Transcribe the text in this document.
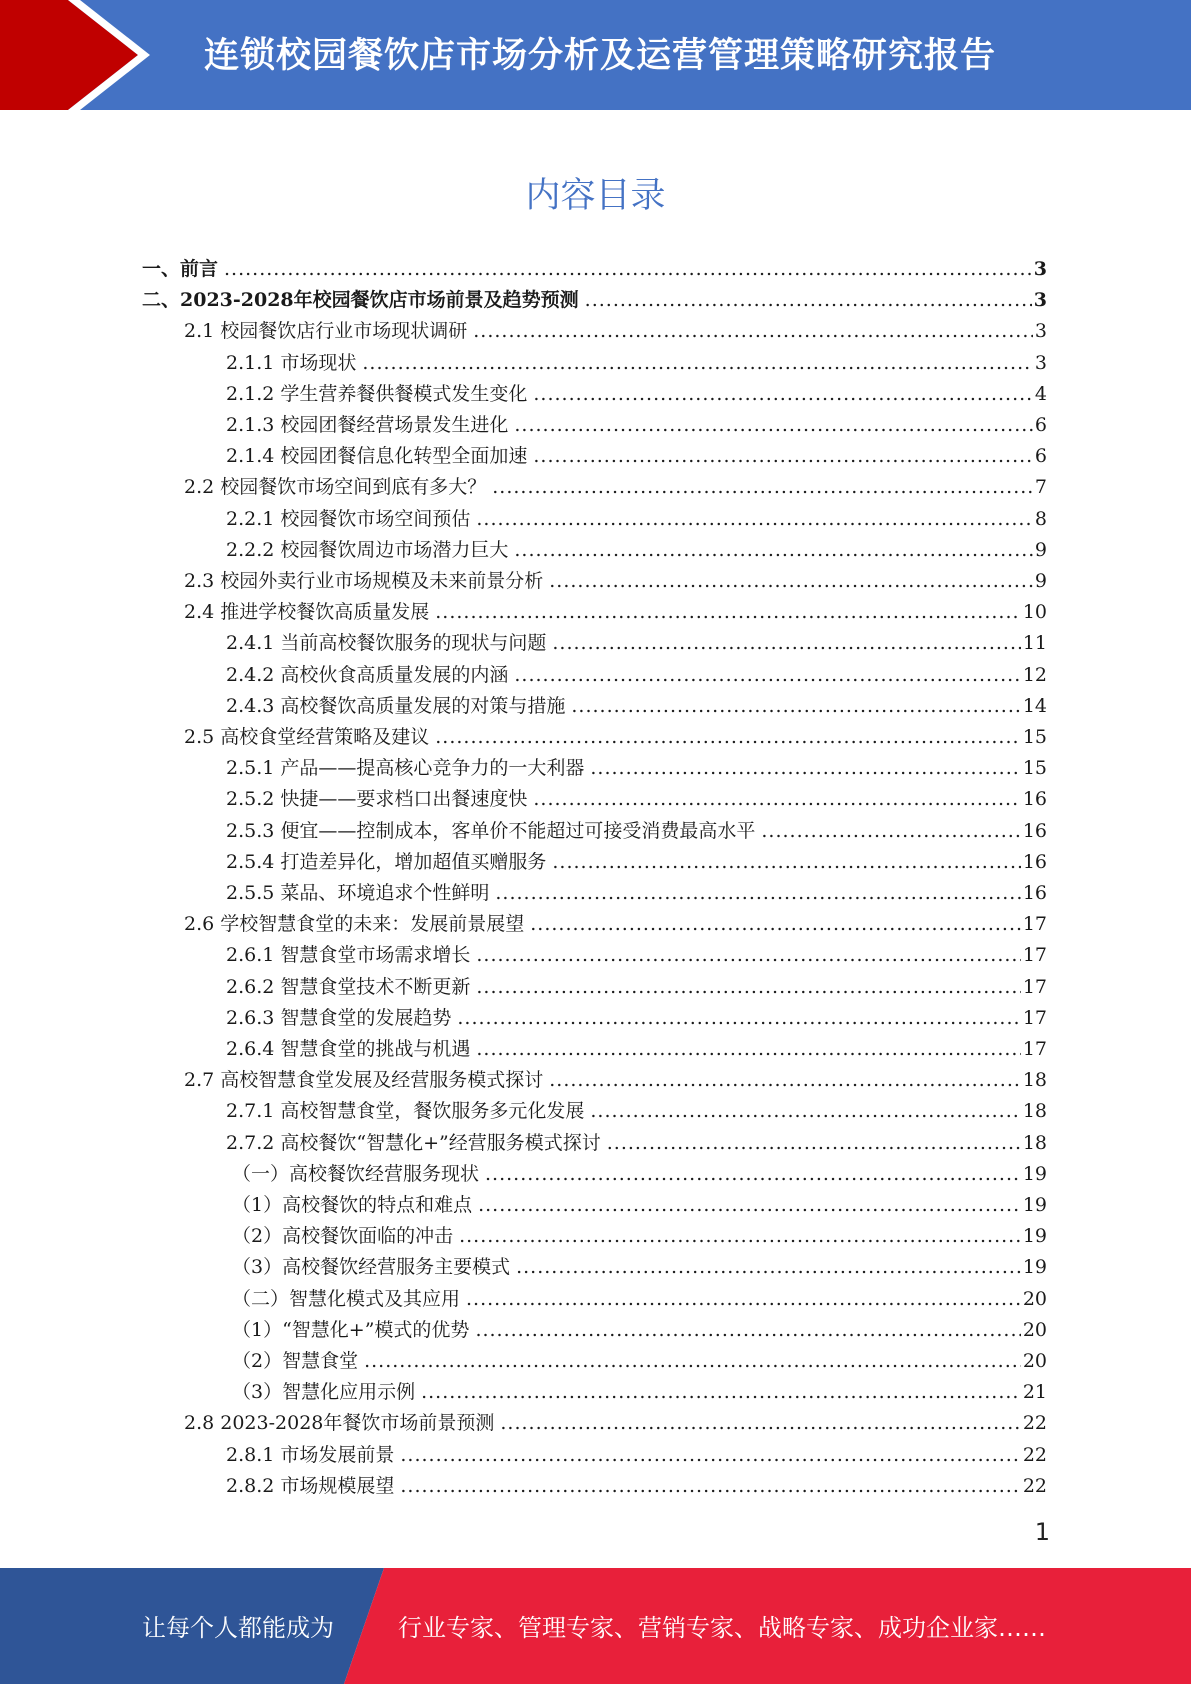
连锁校园餐饮店市场分析及运营管理策略研究报告
内容目录
一、前言 .....	3
二、2023-2028年校园餐饮店市场前景及趋势预测 .....	3
2.1 校园餐饮店行业市场现状调研 .....	3
2.1.1 市场现状 .....	3
2.1.2 学生营养餐供餐模式发生变化 .....	4
2.1.3 校园团餐经营场景发生进化 .....	6
2.1.4 校园团餐信息化转型全面加速 .....	6
2.2 校园餐饮市场空间到底有多大？ .....	7
2.2.1 校园餐饮市场空间预估 .....	8
2.2.2 校园餐饮周边市场潜力巨大 .....	9
2.3 校园外卖行业市场规模及未来前景分析 .....	9
2.4 推进学校餐饮高质量发展 .....	10
2.4.1 当前高校餐饮服务的现状与问题 .....	11
2.4.2 高校伙食高质量发展的内涵 .....	12
2.4.3 高校餐饮高质量发展的对策与措施 .....	14
2.5 高校食堂经营策略及建议 .....	15
2.5.1 产品——提高核心竞争力的一大利器 .....	15
2.5.2 快捷——要求档口出餐速度快 .....	16
2.5.3 便宜——控制成本，客单价不能超过可接受消费最高水平 .....	16
2.5.4 打造差异化，增加超值买赠服务 .....	16
2.5.5 菜品、环境追求个性鲜明 .....	16
2.6 学校智慧食堂的未来：发展前景展望 .....	17
2.6.1 智慧食堂市场需求增长 .....	17
2.6.2 智慧食堂技术不断更新 .....	17
2.6.3 智慧食堂的发展趋势 .....	17
2.6.4 智慧食堂的挑战与机遇 .....	17
2.7 高校智慧食堂发展及经营服务模式探讨 .....	18
2.7.1 高校智慧食堂，餐饮服务多元化发展 .....	18
2.7.2 高校餐饮“智慧化+”经营服务模式探讨 .....	18
（一）高校餐饮经营服务现状 .....	19
（1）高校餐饮的特点和难点 .....	19
（2）高校餐饮面临的冲击 .....	19
（3）高校餐饮经营服务主要模式 .....	19
（二）智慧化模式及其应用 .....	20
（1）“智慧化+”模式的优势 .....	20
（2）智慧食堂 .....	20
（3）智慧化应用示例 .....	21
2.8 2023-2028年餐饮市场前景预测 .....	22
2.8.1 市场发展前景 .....	22
2.8.2 市场规模展望 .....	22
1
让每个人都能成为	行业专家、管理专家、营销专家、战略专家、成功企业家……
